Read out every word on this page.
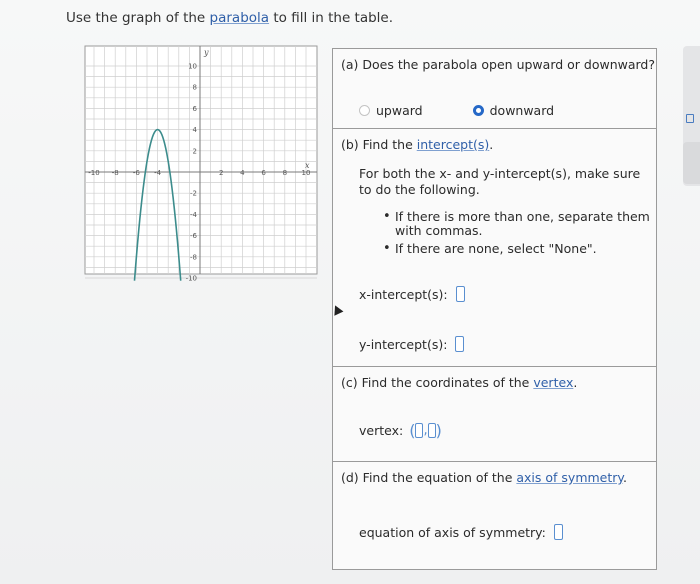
Use the graph of the parabola to fill in the table.
-10 -8 -6 -4	2 4 6 8 10
10
8
6
4
2
-2
-4
-6
-8
-10
x
y
(a) Does the parabola open upward or downward?
upward	downward
(b) Find the intercept(s).
For both the x- and y-intercept(s), make sure
to do the following.
• If there is more than one, separate them
with commas.
• If there are none, select "None".
x-intercept(s):
y-intercept(s):
(c) Find the coordinates of the vertex.
vertex: ( , )
(d) Find the equation of the axis of symmetry.
equation of axis of symmetry:
